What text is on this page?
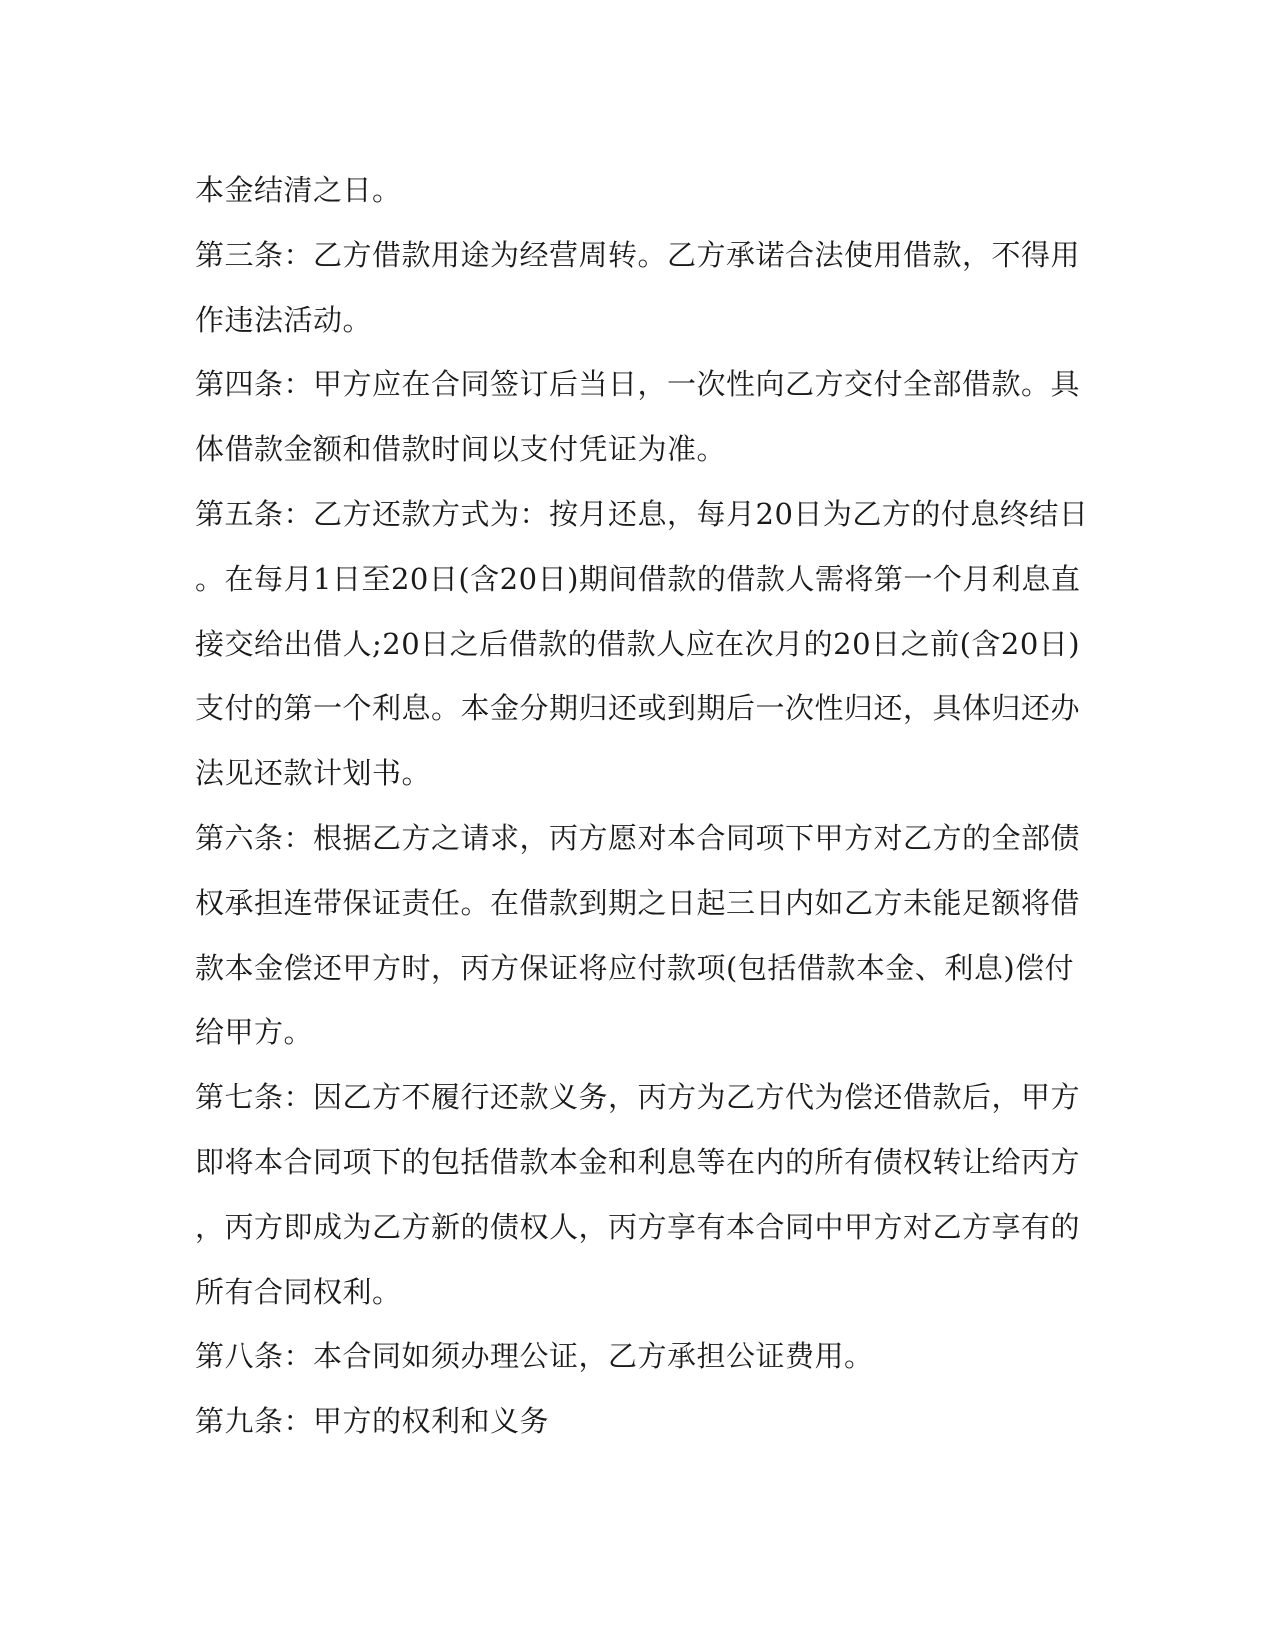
本金结清之日。
第三条：乙方借款用途为经营周转。乙方承诺合法使用借款，不得用
作违法活动。
第四条：甲方应在合同签订后当日，一次性向乙方交付全部借款。具
体借款金额和借款时间以支付凭证为准。
第五条：乙方还款方式为：按月还息，每月20日为乙方的付息终结日
。在每月1日至20日(含20日)期间借款的借款人需将第一个月利息直
接交给出借人;20日之后借款的借款人应在次月的20日之前(含20日)
支付的第一个利息。本金分期归还或到期后一次性归还，具体归还办
法见还款计划书。
第六条：根据乙方之请求，丙方愿对本合同项下甲方对乙方的全部债
权承担连带保证责任。在借款到期之日起三日内如乙方未能足额将借
款本金偿还甲方时，丙方保证将应付款项(包括借款本金、利息)偿付
给甲方。
第七条：因乙方不履行还款义务，丙方为乙方代为偿还借款后，甲方
即将本合同项下的包括借款本金和利息等在内的所有债权转让给丙方
，丙方即成为乙方新的债权人，丙方享有本合同中甲方对乙方享有的
所有合同权利。
第八条：本合同如须办理公证，乙方承担公证费用。
第九条：甲方的权利和义务
